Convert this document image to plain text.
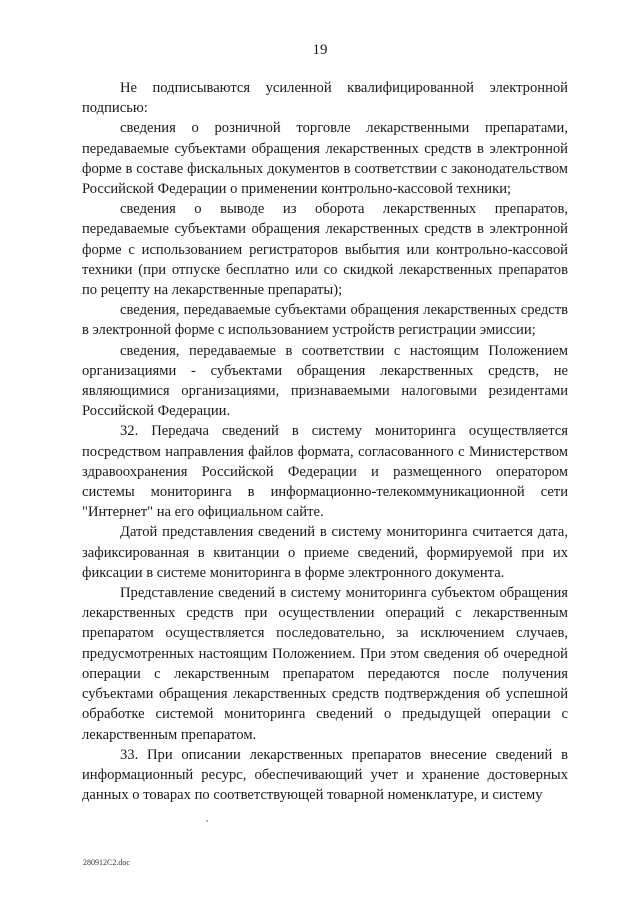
19

Не подписываются усиленной квалифицированной электронной подписью:

сведения о розничной торговле лекарственными препаратами, передаваемые субъектами обращения лекарственных средств в электронной форме в составе фискальных документов в соответствии с законодательством Российской Федерации о применении контрольно-кассовой техники;

сведения о выводе из оборота лекарственных препаратов, передаваемые субъектами обращения лекарственных средств в электронной форме с использованием регистраторов выбытия или контрольно-кассовой техники (при отпуске бесплатно или со скидкой лекарственных препаратов по рецепту на лекарственные препараты);

сведения, передаваемые субъектами обращения лекарственных средств в электронной форме с использованием устройств регистрации эмиссии;

сведения, передаваемые в соответствии с настоящим Положением организациями - субъектами обращения лекарственных средств, не являющимися организациями, признаваемыми налоговыми резидентами Российской Федерации.

32. Передача сведений в систему мониторинга осуществляется посредством направления файлов формата, согласованного с Министерством здравоохранения Российской Федерации и размещенного оператором системы мониторинга в информационно-телекоммуникационной сети "Интернет" на его официальном сайте.

Датой представления сведений в систему мониторинга считается дата, зафиксированная в квитанции о приеме сведений, формируемой при их фиксации в системе мониторинга в форме электронного документа.

Представление сведений в систему мониторинга субъектом обращения лекарственных средств при осуществлении операций с лекарственным препаратом осуществляется последовательно, за исключением случаев, предусмотренных настоящим Положением. При этом сведения об очередной операции с лекарственным препаратом передаются после получения субъектами обращения лекарственных средств подтверждения об успешной обработке системой мониторинга сведений о предыдущей операции с лекарственным препаратом.

33. При описании лекарственных препаратов внесение сведений в информационный ресурс, обеспечивающий учет и хранение достоверных данных о товарах по соответствующей товарной номенклатуре, и систему

280912C2.doc
